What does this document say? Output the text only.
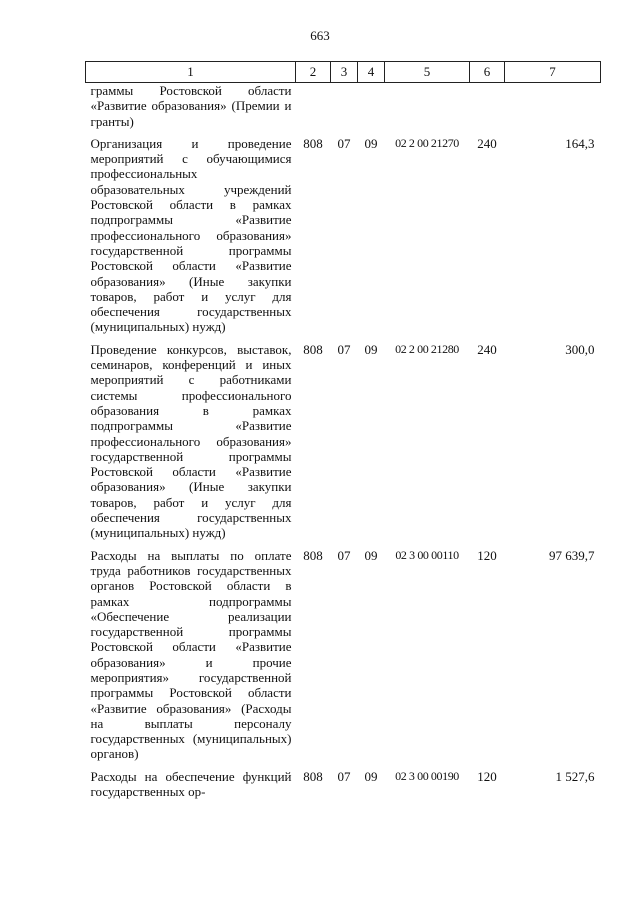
663
1	2	3	4	5	6	7
граммы Ростовской области «Развитие образования» (Премии и гранты)						
Организация и проведение мероприятий с обучающимися профессиональных образовательных учреждений Ростовской области в рамках подпрограммы «Развитие профессионального образования» государственной программы Ростовской области «Развитие образования» (Иные закупки товаров, работ и услуг для обеспечения государственных (муниципальных) нужд)	808	07	09	02 2 00 21270	240	164,3
Проведение конкурсов, выставок, семинаров, конференций и иных мероприятий с работниками системы профессионального образования в рамках подпрограммы «Развитие профессионального образования» государственной программы Ростовской области «Развитие образования» (Иные закупки товаров, работ и услуг для обеспечения государственных (муниципальных) нужд)	808	07	09	02 2 00 21280	240	300,0
Расходы на выплаты по оплате труда работников государственных органов Ростовской области в рамках подпрограммы «Обеспечение реализации государственной программы Ростовской области «Развитие образования» и прочие мероприятия» государственной программы Ростовской области «Развитие образования» (Расходы на выплаты персоналу государственных (муниципальных) органов)	808	07	09	02 3 00 00110	120	97 639,7
Расходы на обеспечение функций государственных ор-	808	07	09	02 3 00 00190	120	1 527,6
